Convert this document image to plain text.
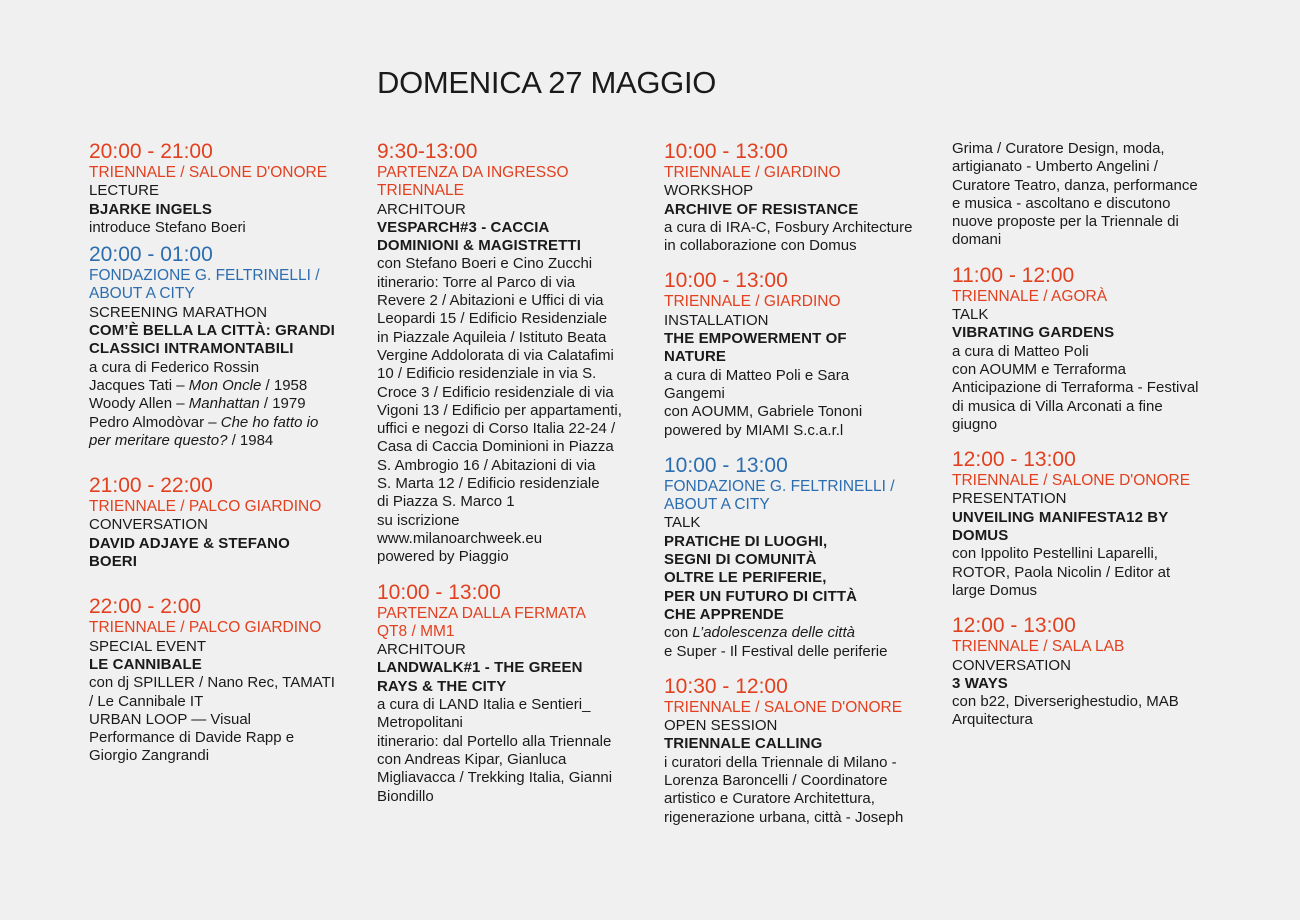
DOMENICA 27 MAGGIO
20:00 - 21:00
TRIENNALE / SALONE D'ONORE
LECTURE
BJARKE INGELS
introduce Stefano Boeri
20:00 - 01:00
FONDAZIONE G. FELTRINELLI /
ABOUT A CITY
SCREENING MARATHON
COM’È BELLA LA CITTÀ: GRANDI
CLASSICI INTRAMONTABILI
a cura di Federico Rossin
Jacques Tati – Mon Oncle / 1958
Woody Allen – Manhattan / 1979
Pedro Almodòvar – Che ho fatto io
per meritare questo? / 1984
21:00 - 22:00
TRIENNALE / PALCO GIARDINO
CONVERSATION
DAVID ADJAYE & STEFANO
BOERI
22:00 - 2:00
TRIENNALE / PALCO GIARDINO
SPECIAL EVENT
LE CANNIBALE
con dj SPILLER / Nano Rec, TAMATI
/ Le Cannibale IT
URBAN LOOP — Visual
Performance di Davide Rapp e
Giorgio Zangrandi
9:30-13:00
PARTENZA DA INGRESSO
TRIENNALE
ARCHITOUR
VESPARCH#3 - CACCIA
DOMINIONI & MAGISTRETTI
con Stefano Boeri e Cino Zucchi
itinerario: Torre al Parco di via
Revere 2 / Abitazioni e Uffici di via
Leopardi 15 / Edificio Residenziale
in Piazzale Aquileia / Istituto Beata
Vergine Addolorata di via Calatafimi
10 / Edificio residenziale in via S.
Croce 3 / Edificio residenziale di via
Vigoni 13 / Edificio per appartamenti,
uffici e negozi di Corso Italia 22-24 /
Casa di Caccia Dominioni in Piazza
S. Ambrogio 16 / Abitazioni di via
S. Marta 12 / Edificio residenziale
di Piazza S. Marco 1
su iscrizione
www.milanoarchweek.eu
powered by Piaggio
10:00 - 13:00
PARTENZA DALLA FERMATA
QT8 / MM1
ARCHITOUR
LANDWALK#1 - THE GREEN
RAYS & THE CITY
a cura di LAND Italia e Sentieri_
Metropolitani
itinerario: dal Portello alla Triennale
con Andreas Kipar, Gianluca
Migliavacca / Trekking Italia, Gianni
Biondillo
10:00 - 13:00
TRIENNALE / GIARDINO
WORKSHOP
ARCHIVE OF RESISTANCE
a cura di IRA-C, Fosbury Architecture
in collaborazione con Domus
10:00 - 13:00
TRIENNALE / GIARDINO
INSTALLATION
THE EMPOWERMENT OF
NATURE
a cura di Matteo Poli e Sara
Gangemi
con AOUMM, Gabriele Tononi
powered by MIAMI S.c.a.r.l
10:00 - 13:00
FONDAZIONE G. FELTRINELLI /
ABOUT A CITY
TALK
PRATICHE DI LUOGHI,
SEGNI DI COMUNITÀ
OLTRE LE PERIFERIE,
PER UN FUTURO DI CITTÀ
CHE APPRENDE
con L’adolescenza delle città
e Super - Il Festival delle periferie
10:30 - 12:00
TRIENNALE / SALONE D'ONORE
OPEN SESSION
TRIENNALE CALLING
i curatori della Triennale di Milano -
Lorenza Baroncelli / Coordinatore
artistico e Curatore Architettura,
rigenerazione urbana, città - Joseph
Grima / Curatore Design, moda,
artigianato - Umberto Angelini /
Curatore Teatro, danza, performance
e musica - ascoltano e discutono
nuove proposte per la Triennale di
domani
11:00 - 12:00
TRIENNALE / AGORÀ
TALK
VIBRATING GARDENS
a cura di Matteo Poli
con AOUMM e Terraforma
Anticipazione di Terraforma - Festival
di musica di Villa Arconati a fine
giugno
12:00 - 13:00
TRIENNALE / SALONE D'ONORE
PRESENTATION
UNVEILING MANIFESTA12 BY
DOMUS
con Ippolito Pestellini Laparelli,
ROTOR, Paola Nicolin / Editor at
large Domus
12:00 - 13:00
TRIENNALE / SALA LAB
CONVERSATION
3 WAYS
con b22, Diverserighestudio, MAB
Arquitectura
